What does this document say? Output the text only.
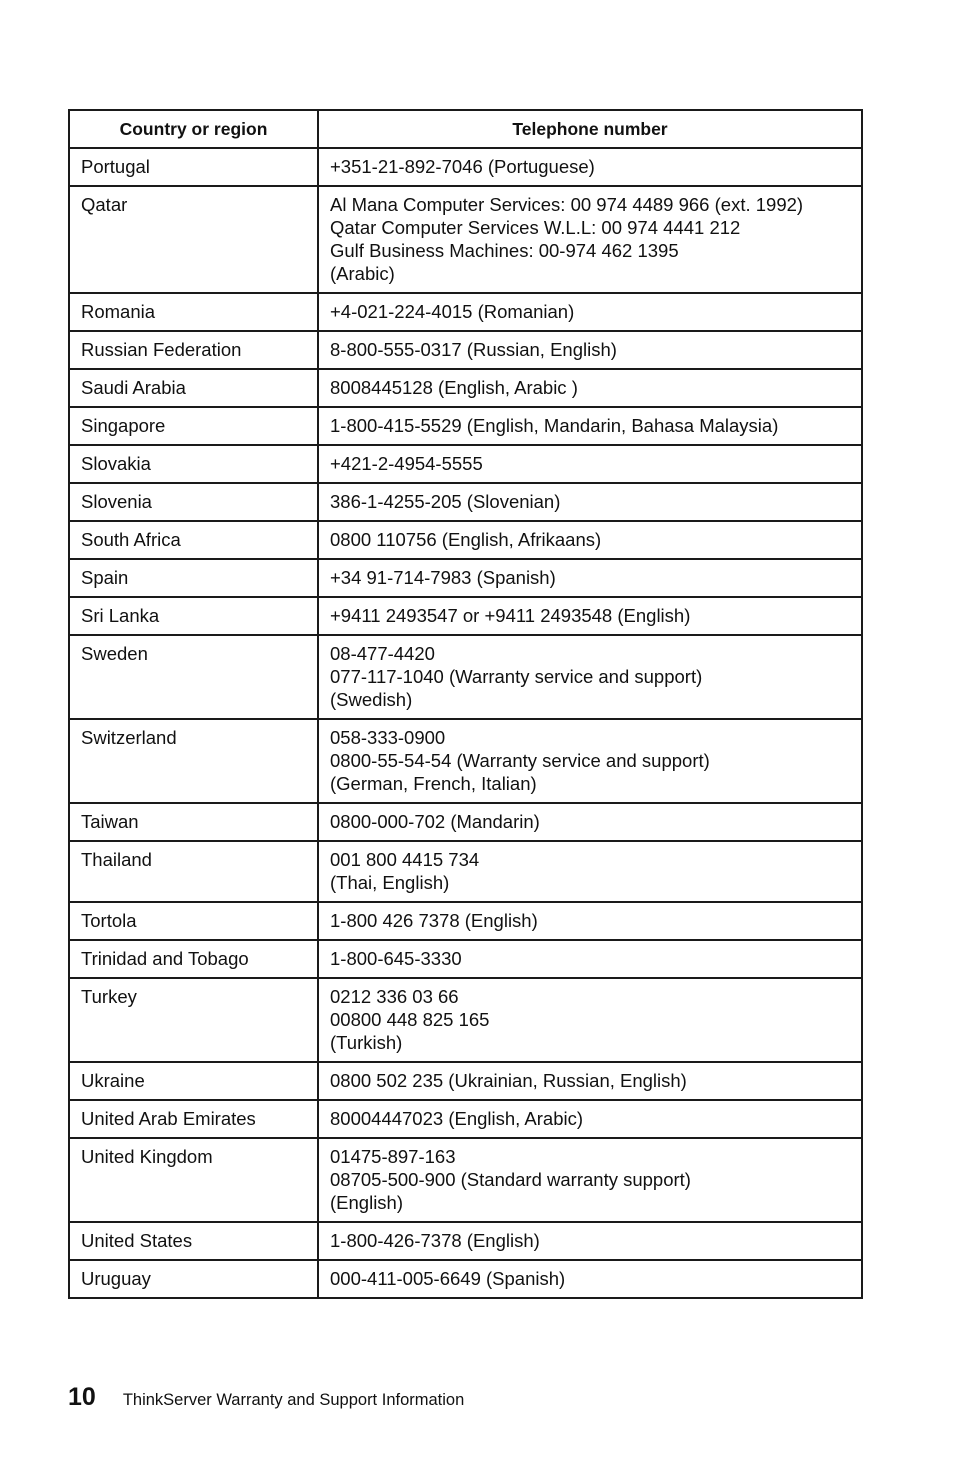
Country or region	Telephone number
Portugal	+351-21-892-7046 (Portuguese)
Qatar	Al Mana Computer Services: 00 974 4489 966 (ext. 1992)
Qatar Computer Services W.L.L: 00 974 4441 212
Gulf Business Machines: 00-974 462 1395
(Arabic)
Romania	+4-021-224-4015 (Romanian)
Russian Federation	8-800-555-0317 (Russian, English)
Saudi Arabia	8008445128 (English, Arabic )
Singapore	1-800-415-5529 (English, Mandarin, Bahasa Malaysia)
Slovakia	+421-2-4954-5555
Slovenia	386-1-4255-205 (Slovenian)
South Africa	0800 110756 (English, Afrikaans)
Spain	+34 91-714-7983 (Spanish)
Sri Lanka	+9411 2493547 or +9411 2493548 (English)
Sweden	08-477-4420
077-117-1040 (Warranty service and support)
(Swedish)
Switzerland	058-333-0900
0800-55-54-54 (Warranty service and support)
(German, French, Italian)
Taiwan	0800-000-702 (Mandarin)
Thailand	001 800 4415 734
(Thai, English)
Tortola	1-800 426 7378 (English)
Trinidad and Tobago	1-800-645-3330
Turkey	0212 336 03 66
00800 448 825 165
(Turkish)
Ukraine	0800 502 235 (Ukrainian, Russian, English)
United Arab Emirates	80004447023 (English, Arabic)
United Kingdom	01475-897-163
08705-500-900 (Standard warranty support)
(English)
United States	1-800-426-7378 (English)
Uruguay	000-411-005-6649 (Spanish)
10 ThinkServer Warranty and Support Information
